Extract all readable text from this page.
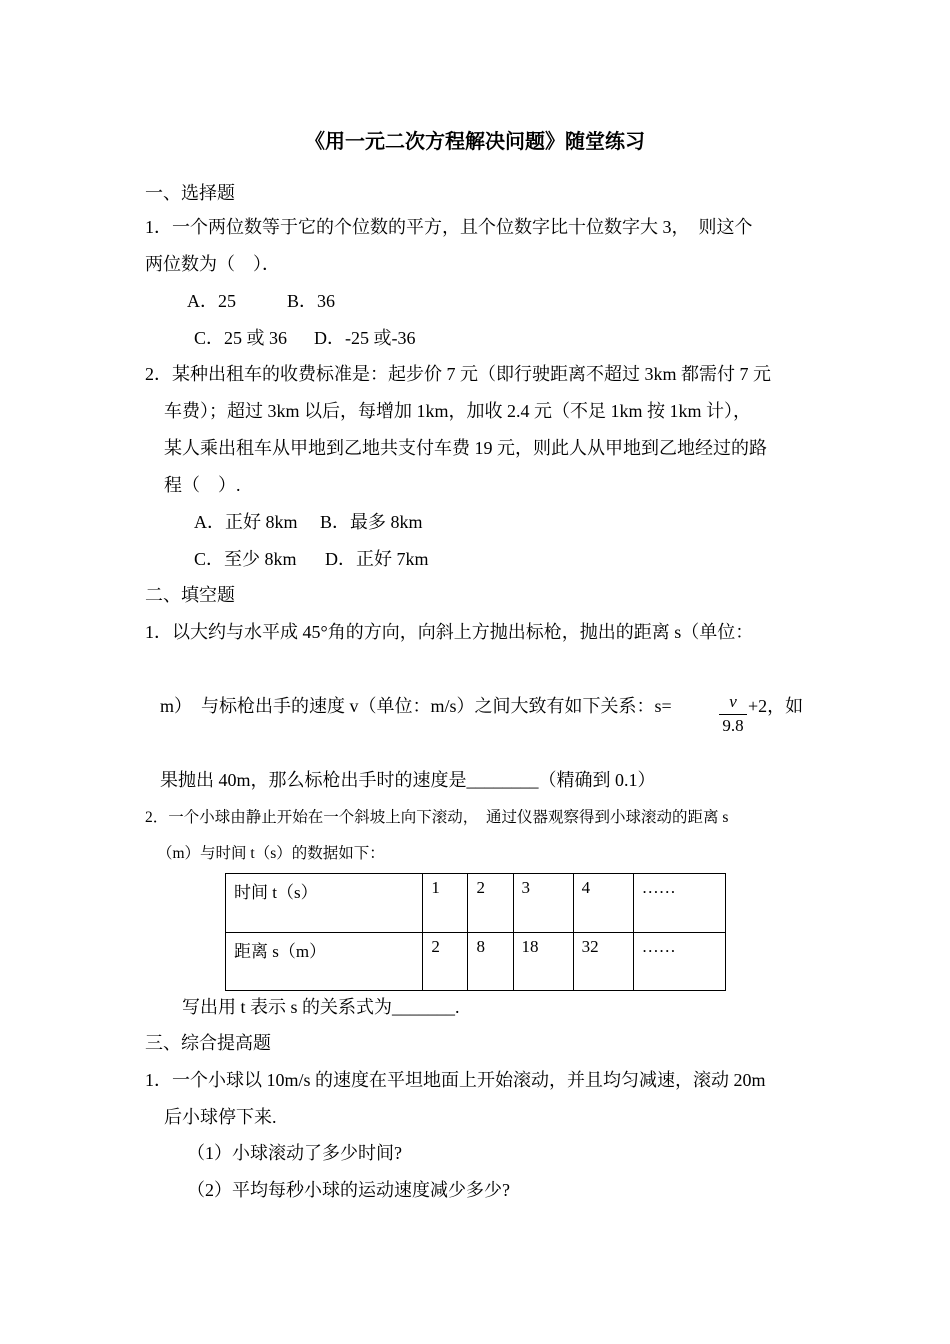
《用一元二次方程解决问题》随堂练习
一、选择题
1．一个两位数等于它的个位数的平方，且个位数字比十位数字大 3，　则这个
两位数为（　）．
A．25	B．36
C．25 或 36 D．-25 或-36
2．某种出租车的收费标准是：起步价 7 元（即行驶距离不超过 3km 都需付 7 元
车费）；超过 3km 以后，每增加 1km，加收 2.4 元（不足 1km 按 1km 计），
某人乘出租车从甲地到乙地共支付车费 19 元，则此人从甲地到乙地经过的路
程（　）.
A．正好 8km B．最多 8km
C．至少 8km D．正好 7km
二、填空题
1．以大约与水平成 45°角的方向，向斜上方抛出标枪，抛出的距离 s（单位：
m）　与标枪出手的速度 v（单位：m/s）之间大致有如下关系：s=	v
9.8
+2，如
果抛出 40m，那么标枪出手时的速度是________（精确到 0.1）
2．一个小球由静止开始在一个斜坡上向下滚动，　通过仪器观察得到小球滚动的距离 s
（m）与时间 t（s）的数据如下：
时间 t（s）	1	2	3	4	……
距离 s（m）	2	8	18	32	……
写出用 t 表示 s 的关系式为_______.
三、综合提高题
1．一个小球以 10m/s 的速度在平坦地面上开始滚动，并且均匀减速，滚动 20m
后小球停下来.
（1）小球滚动了多少时间?
（2）平均每秒小球的运动速度减少多少?
